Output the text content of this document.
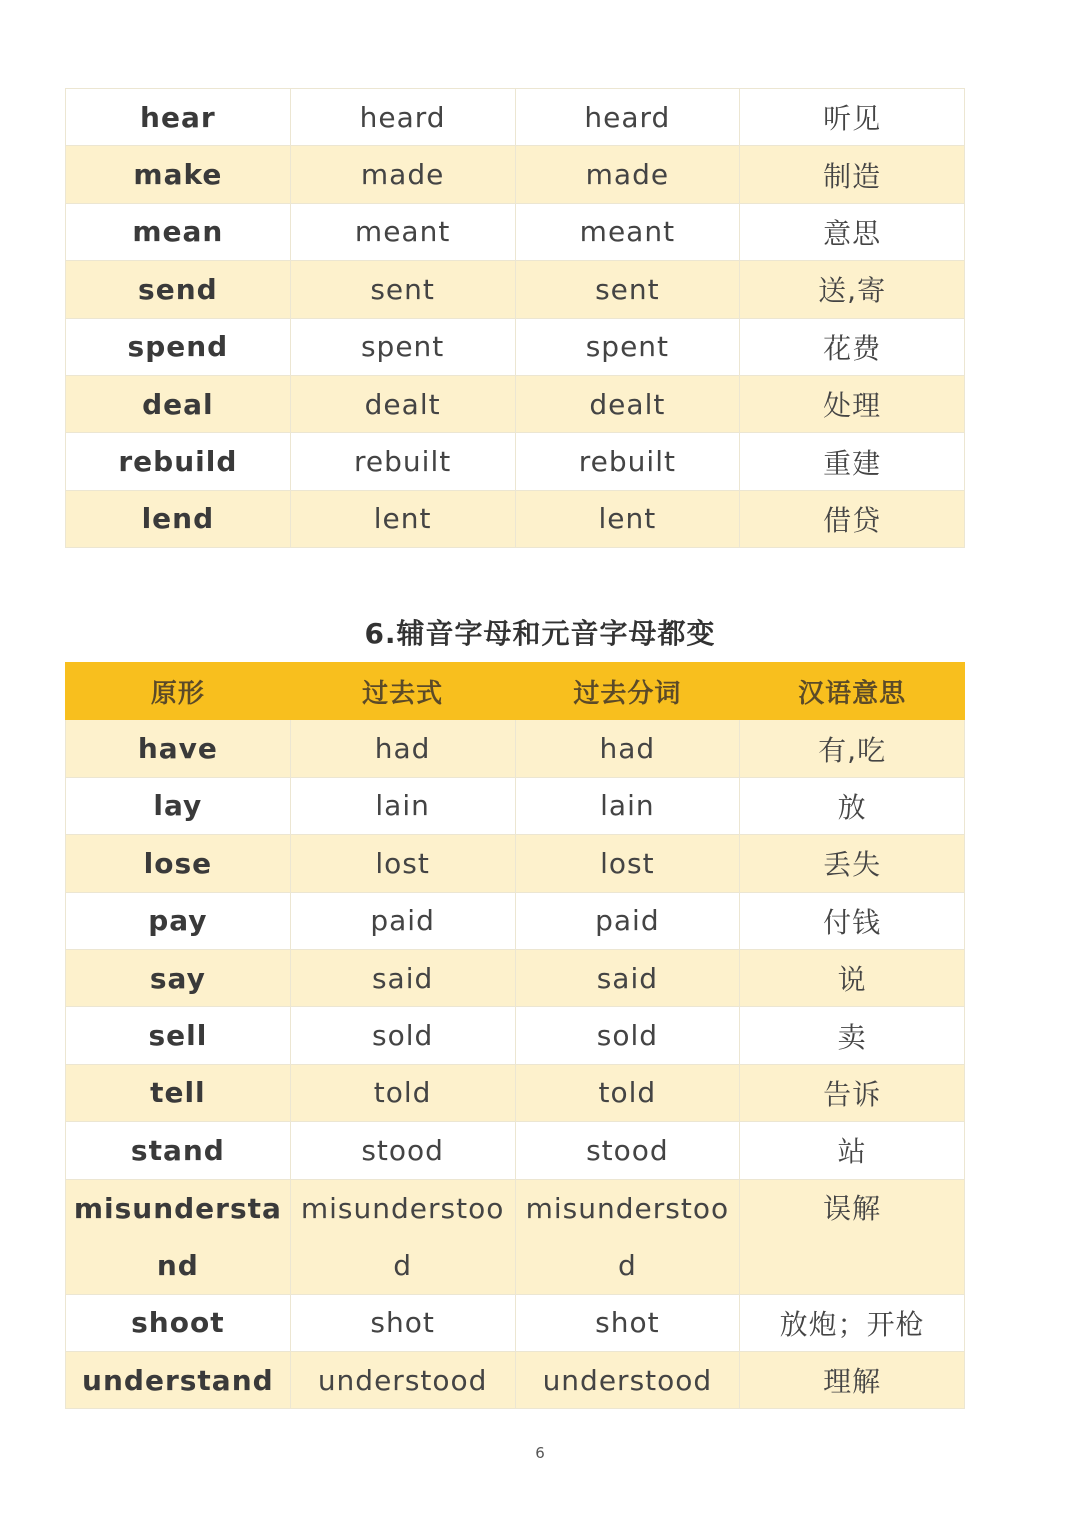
hear	heard	heard	听见
make	made	made	制造
mean	meant	meant	意思
send	sent	sent	送,寄
spend	spent	spent	花费
deal	dealt	dealt	处理
rebuild	rebuilt	rebuilt	重建
lend	lent	lent	借贷
6.辅音字母和元音字母都变
原形	过去式	过去分词	汉语意思
have	had	had	有,吃
lay	lain	lain	放
lose	lost	lost	丢失
pay	paid	paid	付钱
say	said	said	说
sell	sold	sold	卖
tell	told	told	告诉
stand	stood	stood	站

misunderstand	misunderstood	misunderstood	误解
shoot	shot	shot	放炮；开枪
understand	understood	understood	理解
6
